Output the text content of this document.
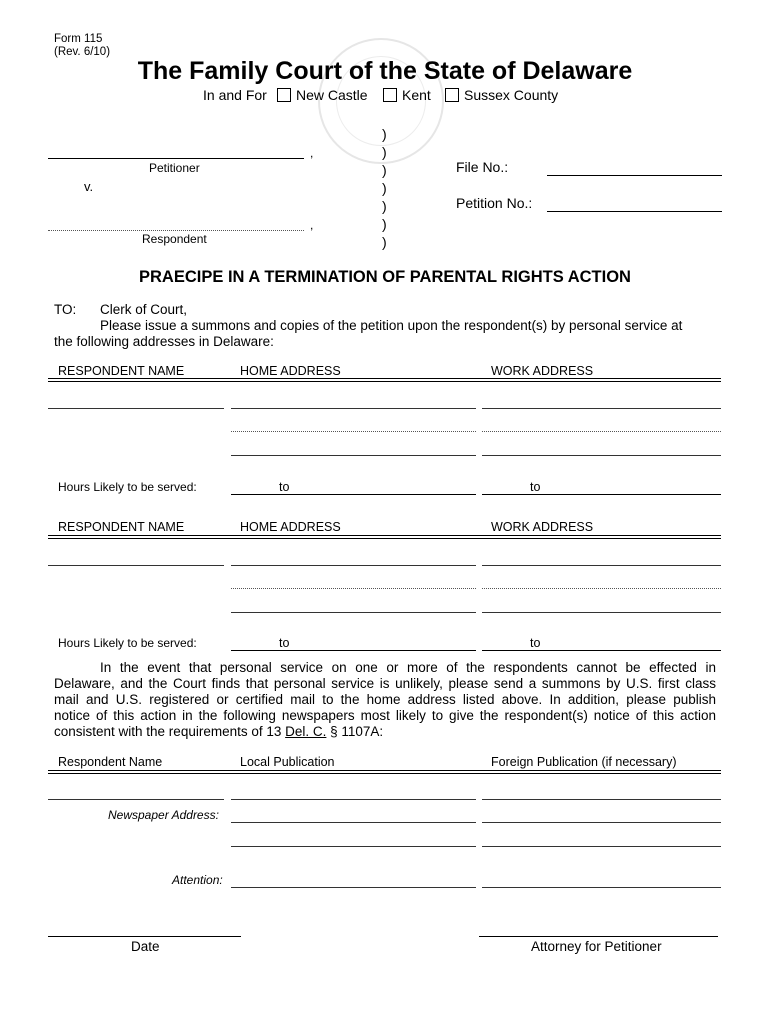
Form 115
(Rev. 6/10)
The Family Court of the State of Delaware
In and For New Castle Kent Sussex County
,
Petitioner
v.
,
Respondent
)
)
)
)
)
)
)
File No.:
Petition No.:
PRAECIPE IN A TERMINATION OF PARENTAL RIGHTS ACTION
TO: Clerk of Court,
Please issue a summons and copies of the petition upon the respondent(s) by personal service at
the following addresses in Delaware:
RESPONDENT NAME	HOME ADDRESS	WORK ADDRESS
Hours Likely to be served:	to	to
RESPONDENT NAME	HOME ADDRESS	WORK ADDRESS
Hours Likely to be served:	to	to
In the event that personal service on one or more of the respondents cannot be effected in
Delaware, and the Court finds that personal service is unlikely, please send a summons by U.S. first class
mail and U.S. registered or certified mail to the home address listed above. In addition, please publish
notice of this action in the following newspapers most likely to give the respondent(s) notice of this action
consistent with the requirements of 13 Del. C. § 1107A:
Respondent Name	Local Publication	Foreign Publication (if necessary)
Newspaper Address:
Attention:
Date	Attorney for Petitioner
